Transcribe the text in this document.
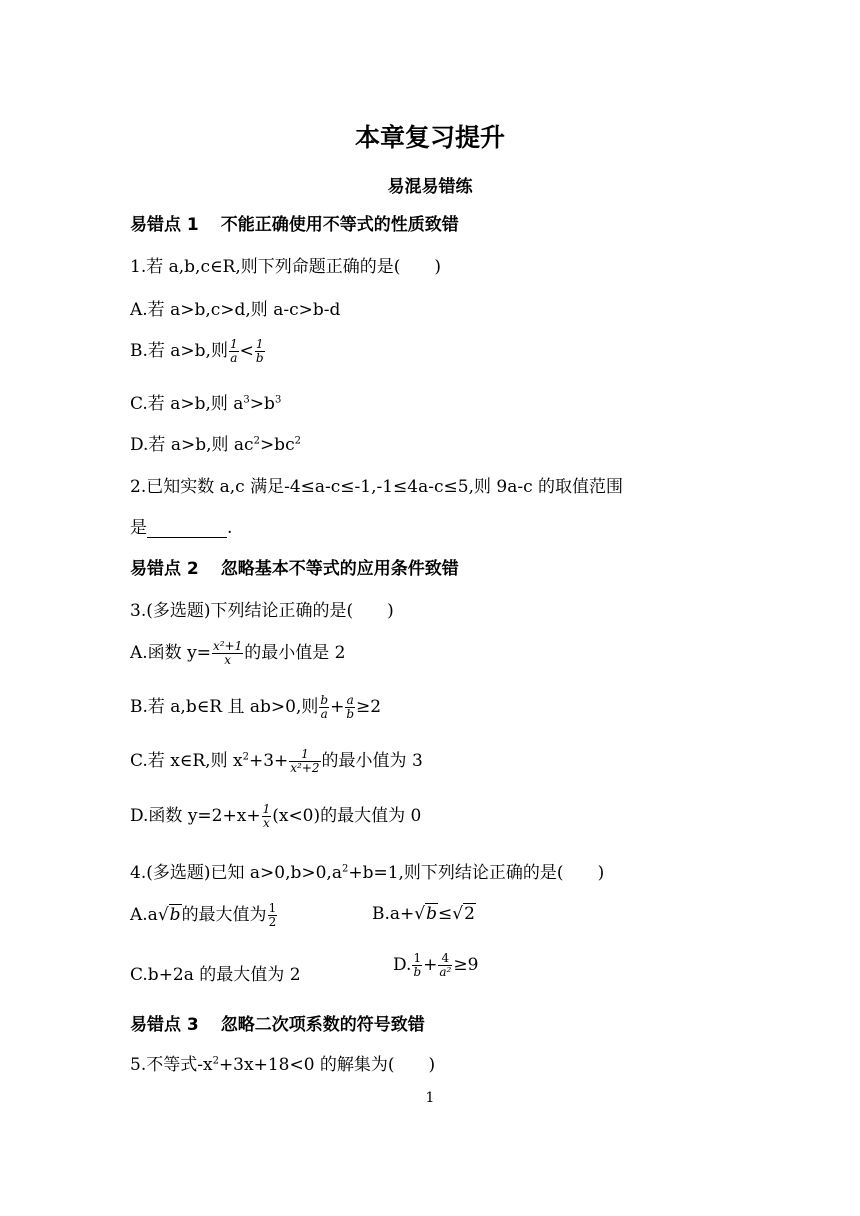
本章复习提升
易混易错练
易错点 1 不能正确使用不等式的性质致错
1.若 a,b,c∈R,则下列命题正确的是(　　)
A.若 a>b,c>d,则 a-c>b-d
B.若 a>b,则 $\frac{1}{a} < \frac{1}{b}$
C.若 a>b,则 $a^3>b^3$
D.若 a>b,则 $ac^2>bc^2$
2.已知实数 a,c 满足-4≤a-c≤-1,-1≤4a-c≤5,则 9a-c 的取值范围
是	.
易错点 2 忽略基本不等式的应用条件致错
3.(多选题)下列结论正确的是(　　)
A.函数 $y= \frac{\text{x²+1}}{x}$ 的最小值是 2
B.若 a,b∈R 且 ab>0,则 $\frac{b}{a} + \frac{a}{b} \ge 2$
C.若 x∈R,则 $x^2+3+ \frac{1}{\text{x²+2}}$ 的最小值为 3
D.函数 $y=2+x+ \frac{1}{x} (x<0)$的最大值为 0
4.(多选题)已知 $a>0,b>0,a^2+b=1$,则下列结论正确的是(　　)
A.a√b的最大值为 $\frac{1}{2}$	B.a+√b≤√2
C.b+2a 的最大值为 2	D. $\frac{1}{b} + \frac{4}{\text{a²}} \ge 9$
易错点 3 忽略二次项系数的符号致错
5.不等式$-x^2+3x+18<0$ 的解集为(　　)
1
